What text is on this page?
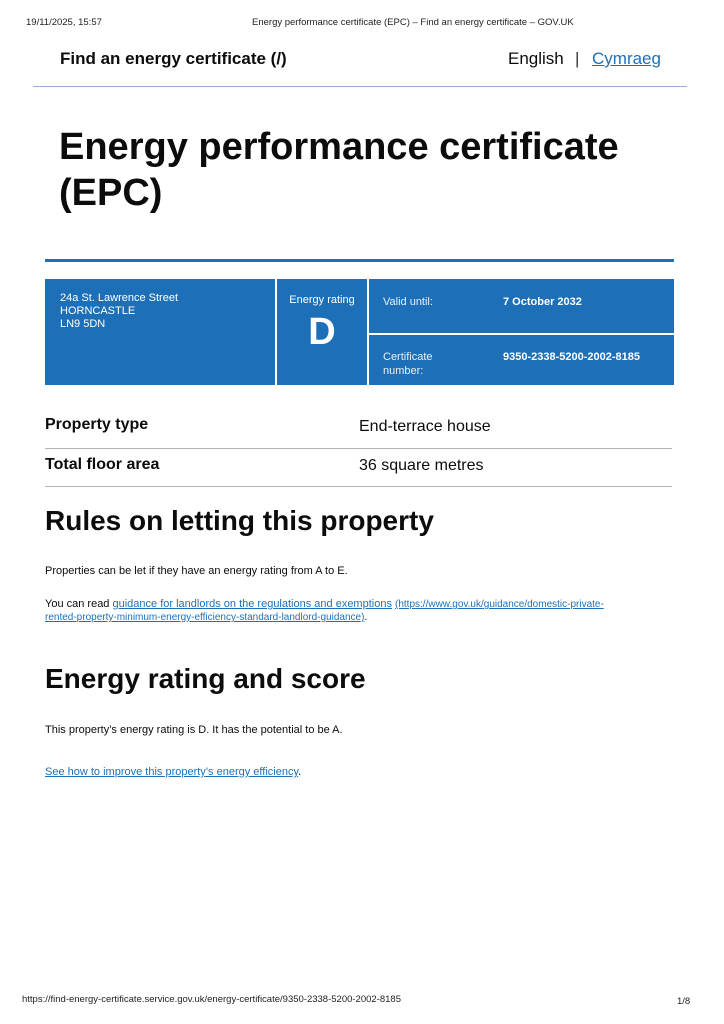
19/11/2025, 15:57	Energy performance certificate (EPC) – Find an energy certificate – GOV.UK
Find an energy certificate (/)	English | Cymraeg
Energy performance certificate (EPC)
24a St. Lawrence Street
HORNCASTLE
LN9 5DN
Energy rating
D
Valid until:	7 October 2032
Certificate
number:
9350-2338-5200-2002-8185
Property type	End-terrace house
Total floor area	36 square metres
Rules on letting this property
Properties can be let if they have an energy rating from A to E.
You can read guidance for landlords on the regulations and exemptions (https://www.gov.uk/guidance/domestic-private-
rented-property-minimum-energy-efficiency-standard-landlord-guidance).
Energy rating and score
This property’s energy rating is D. It has the potential to be A.
See how to improve this property’s energy efficiency.
https://find-energy-certificate.service.gov.uk/energy-certificate/9350-2338-5200-2002-8185	1/8
